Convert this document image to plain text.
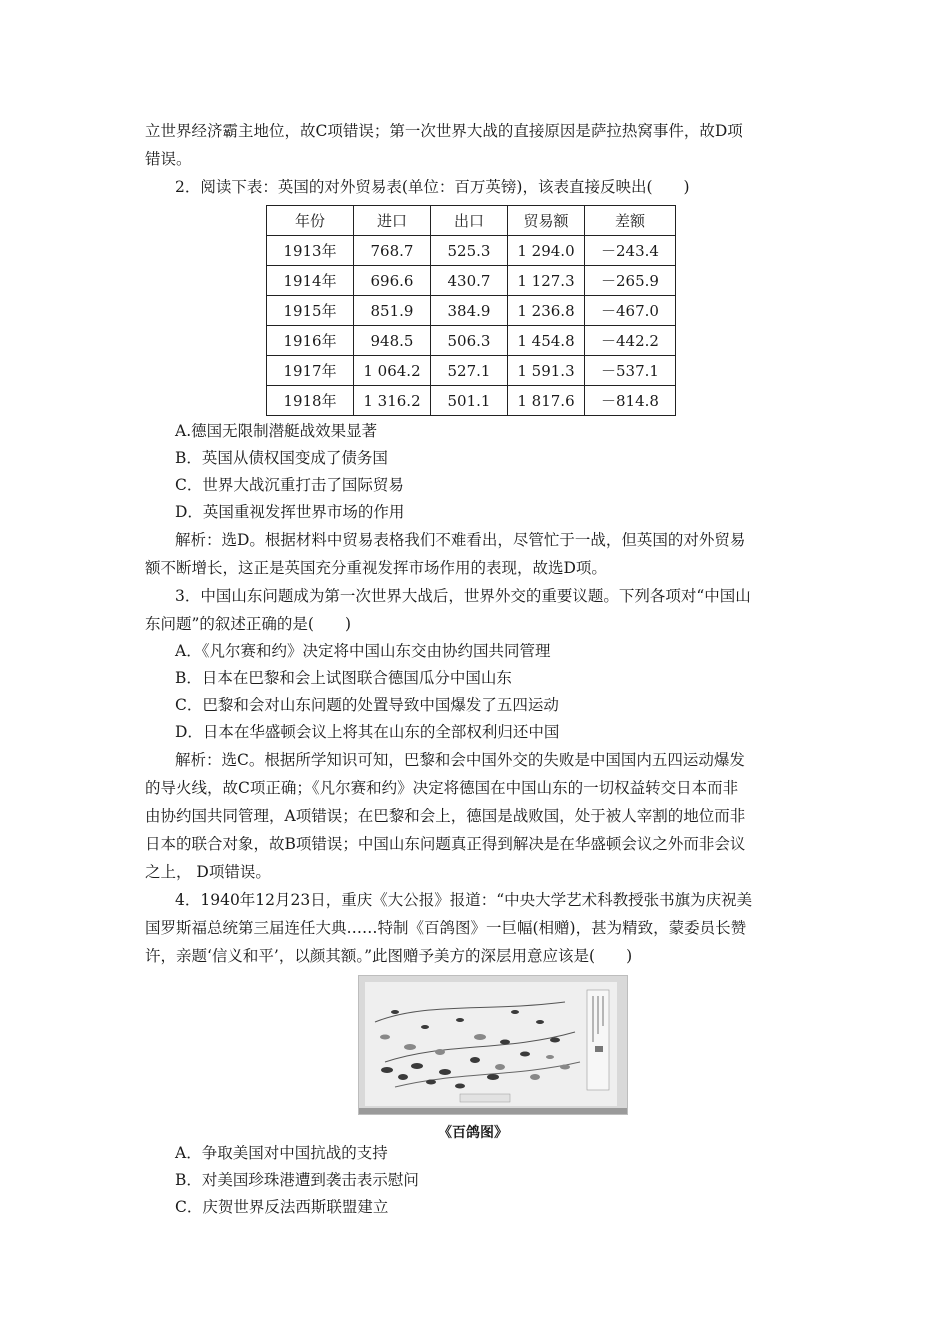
立世界经济霸主地位，故C项错误；第一次世界大战的直接原因是萨拉热窝事件，故D项
错误。
2．阅读下表：英国的对外贸易表(单位：百万英镑)，该表直接反映出(　　)
年份	进口	出口	贸易额	差额
1913年	768.7	525.3	1 294.0	－243.4
1914年	696.6	430.7	1 127.3	－265.9
1915年	851.9	384.9	1 236.8	－467.0
1916年	948.5	506.3	1 454.8	－442.2
1917年	1 064.2	527.1	1 591.3	－537.1
1918年	1 316.2	501.1	1 817.6	－814.8
A.德国无限制潜艇战效果显著
B．英国从债权国变成了债务国
C．世界大战沉重打击了国际贸易
D．英国重视发挥世界市场的作用
解析：选D。根据材料中贸易表格我们不难看出，尽管忙于一战，但英国的对外贸易
额不断增长，这正是英国充分重视发挥市场作用的表现，故选D项。
3．中国山东问题成为第一次世界大战后，世界外交的重要议题。下列各项对“中国山
东问题”的叙述正确的是(　　)
A．《凡尔赛和约》决定将中国山东交由协约国共同管理
B．日本在巴黎和会上试图联合德国瓜分中国山东
C．巴黎和会对山东问题的处置导致中国爆发了五四运动
D．日本在华盛顿会议上将其在山东的全部权利归还中国
解析：选C。根据所学知识可知，巴黎和会中国外交的失败是中国国内五四运动爆发
的导火线，故C项正确；《凡尔赛和约》决定将德国在中国山东的一切权益转交日本而非
由协约国共同管理，A项错误；在巴黎和会上，德国是战败国，处于被人宰割的地位而非
日本的联合对象，故B项错误；中国山东问题真正得到解决是在华盛顿会议之外而非会议
之上， D项错误。
4．1940年12月23日，重庆《大公报》报道：“中央大学艺术科教授张书旗为庆祝美
国罗斯福总统第三届连任大典……特制《百鸽图》一巨幅(相赠)，甚为精致，蒙委员长赞
许，亲题‘信义和平’，以颜其额。”此图赠予美方的深层用意应该是(　　)
《百鸽图》
A．争取美国对中国抗战的支持
B．对美国珍珠港遭到袭击表示慰问
C．庆贺世界反法西斯联盟建立
